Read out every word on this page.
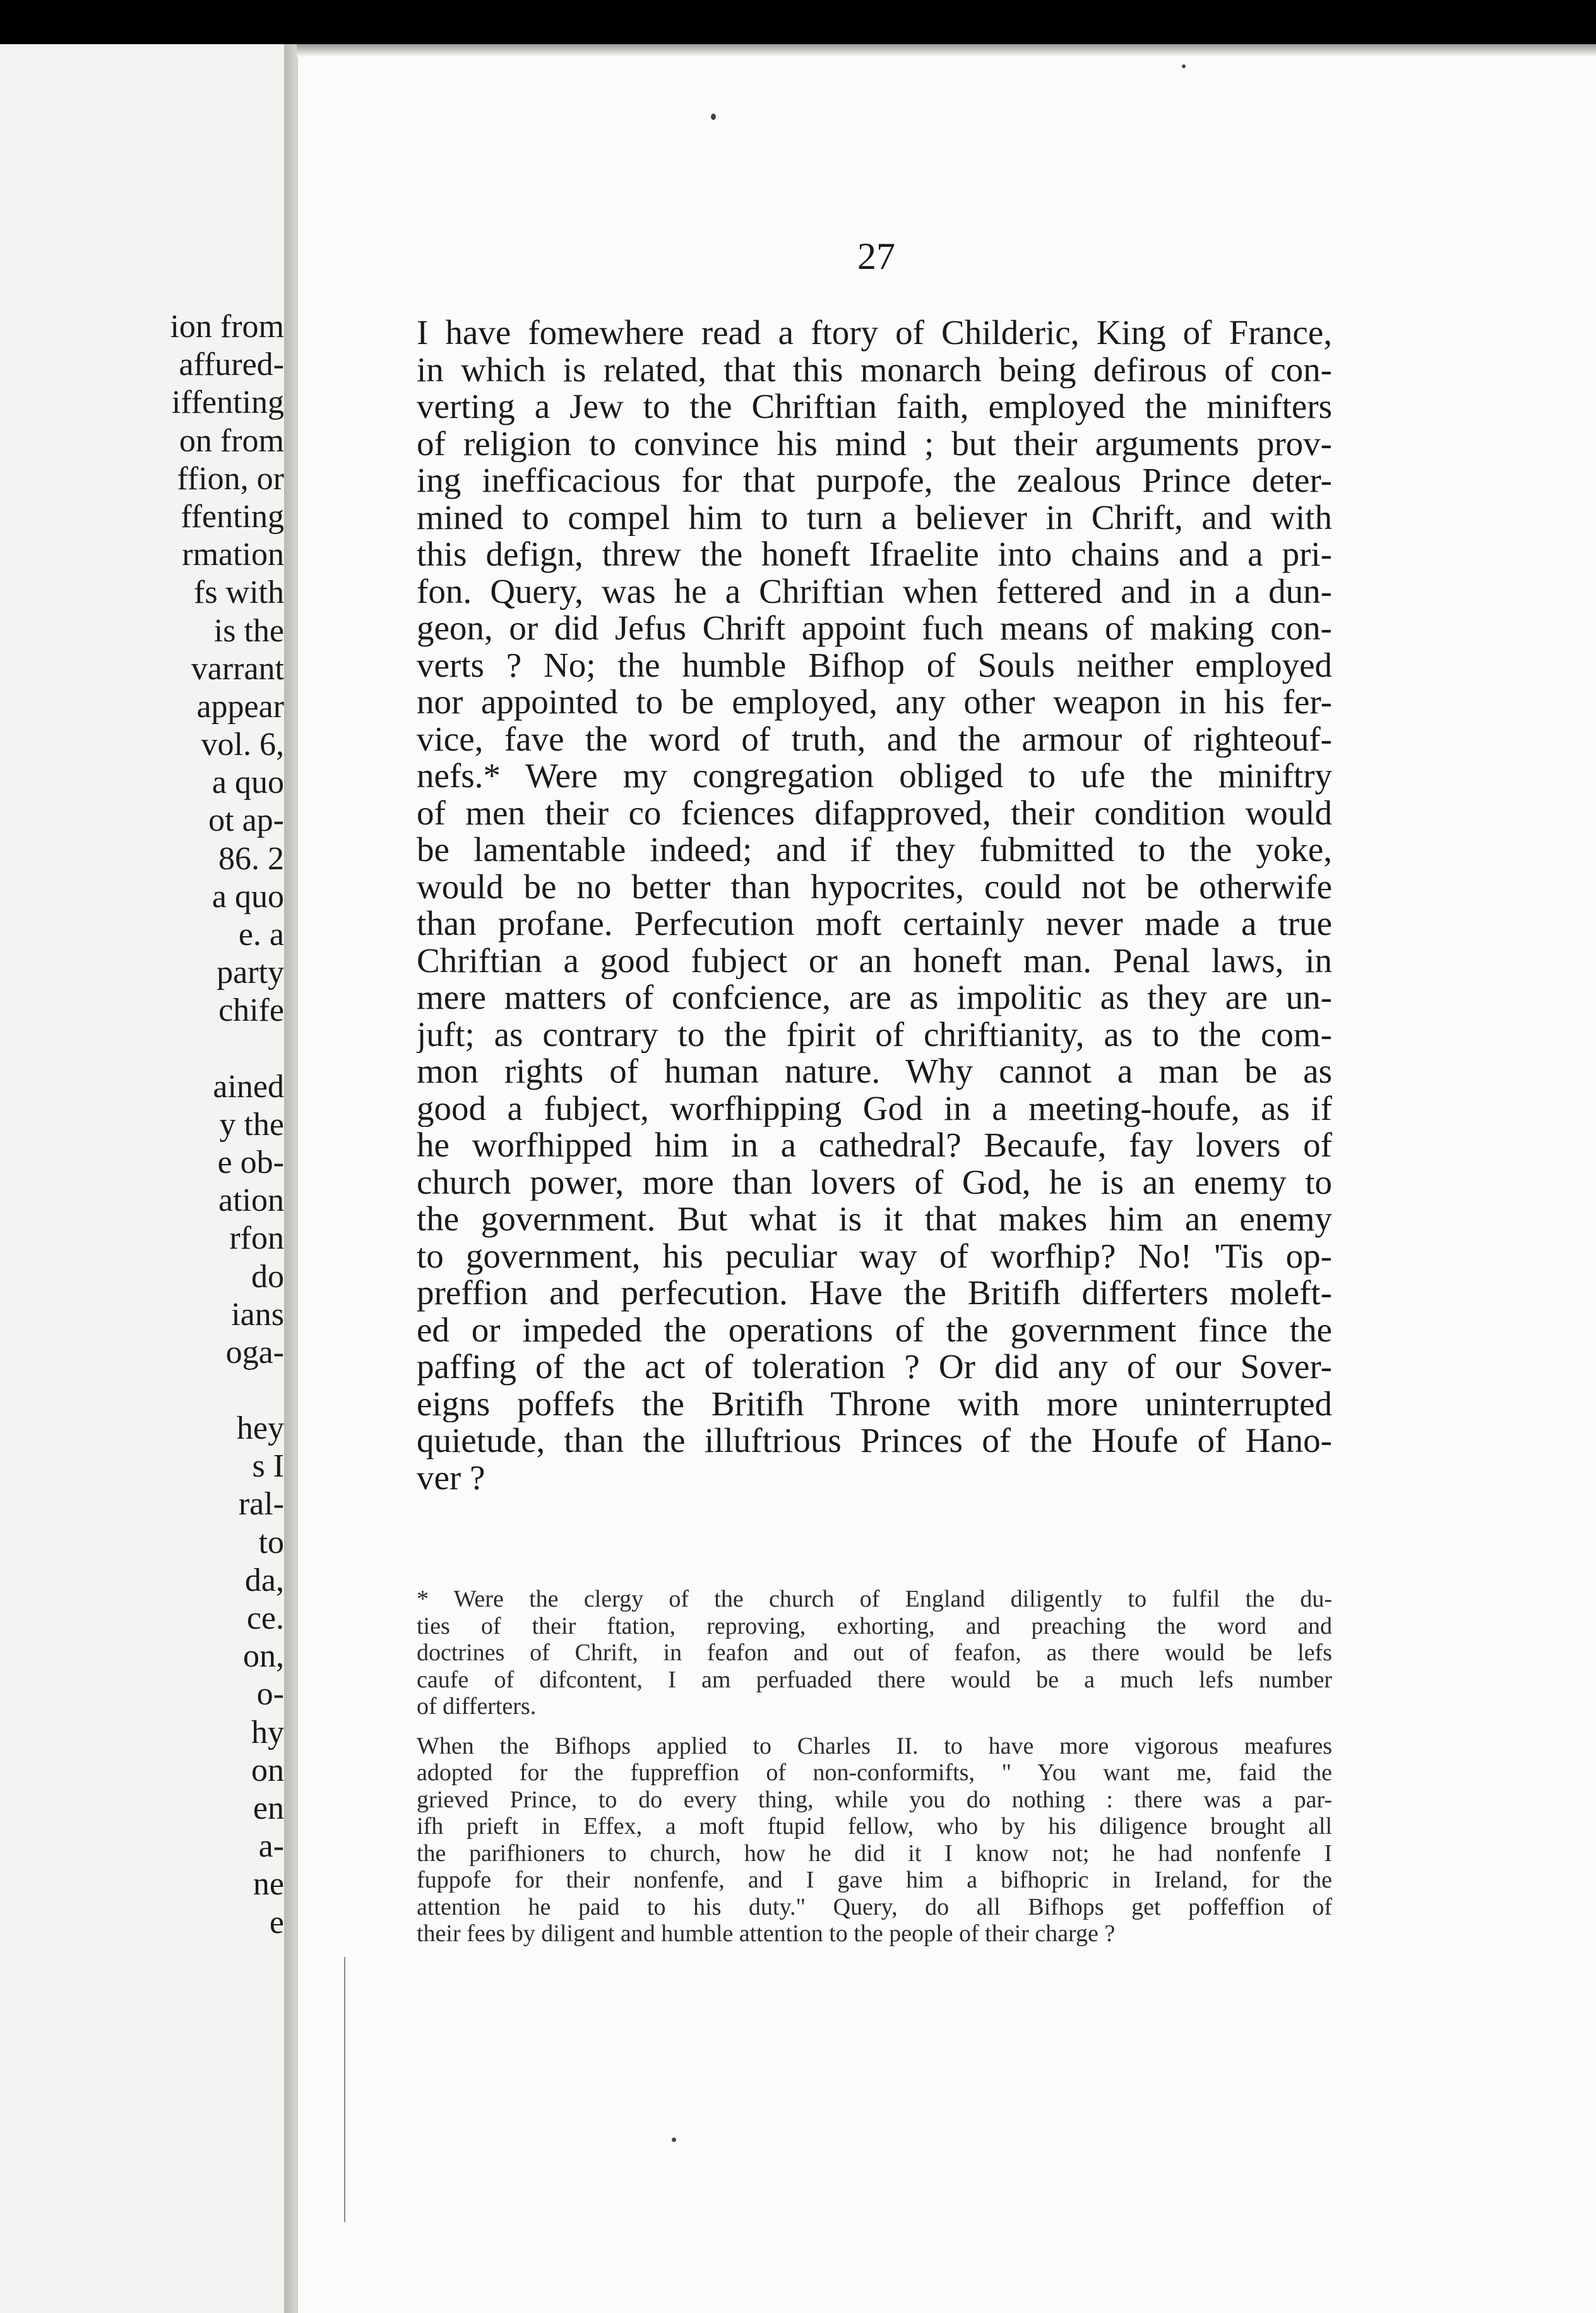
ion from
affured-
iffenting
on from
ffion, or
ffenting
rmation
fs with
is the
varrant
appear
vol. 6,
a quo
ot ap-
86. 2
a quo
e. a
party
chife
ained
y the
e ob-
ation
rfon
do
ians
oga-
hey
s I
ral-
to
da,
ce.
on,
o-
hy
on
en
a-
ne
e
27
I have fomewhere read a ftory of Childeric, King of France,
in which is related, that this monarch being defirous of con-
verting a Jew to the Chriftian faith, employed the minifters
of religion to convince his mind ; but their arguments prov-
ing inefficacious for that purpofe, the zealous Prince deter-
mined to compel him to turn a believer in Chrift, and with
this defign, threw the honeft Ifraelite into chains and a pri-
fon. Query, was he a Chriftian when fettered and in a dun-
geon, or did Jefus Chrift appoint fuch means of making con-
verts ? No; the humble Bifhop of Souls neither employed
nor appointed to be employed, any other weapon in his fer-
vice, fave the word of truth, and the armour of righteouf-
nefs.* Were my congregation obliged to ufe the miniftry
of men their co fciences difapproved, their condition would
be lamentable indeed; and if they fubmitted to the yoke,
would be no better than hypocrites, could not be otherwife
than profane. Perfecution moft certainly never made a true
Chriftian a good fubject or an honeft man. Penal laws, in
mere matters of confcience, are as impolitic as they are un-
juft; as contrary to the fpirit of chriftianity, as to the com-
mon rights of human nature. Why cannot a man be as
good a fubject, worfhipping God in a meeting-houfe, as if
he worfhipped him in a cathedral? Becaufe, fay lovers of
church power, more than lovers of God, he is an enemy to
the government. But what is it that makes him an enemy
to government, his peculiar way of worfhip? No! 'Tis op-
preffion and perfecution. Have the Britifh differters moleft-
ed or impeded the operations of the government fince the
paffing of the act of toleration ? Or did any of our Sover-
eigns poffefs the Britifh Throne with more uninterrupted
quietude, than the illuftrious Princes of the Houfe of Hano-
ver ?
* Were the clergy of the church of England diligently to fulfil the du-
ties of their ftation, reproving, exhorting, and preaching the word and
doctrines of Chrift, in feafon and out of feafon, as there would be lefs
caufe of difcontent, I am perfuaded there would be a much lefs number
of differters.
When the Bifhops applied to Charles II. to have more vigorous meafures
adopted for the fuppreffion of non-conformifts, " You want me, faid the
grieved Prince, to do every thing, while you do nothing : there was a par-
ifh prieft in Effex, a moft ftupid fellow, who by his diligence brought all
the parifhioners to church, how he did it I know not; he had nonfenfe I
fuppofe for their nonfenfe, and I gave him a bifhopric in Ireland, for the
attention he paid to his duty." Query, do all Bifhops get poffeffion of
their fees by diligent and humble attention to the people of their charge ?
